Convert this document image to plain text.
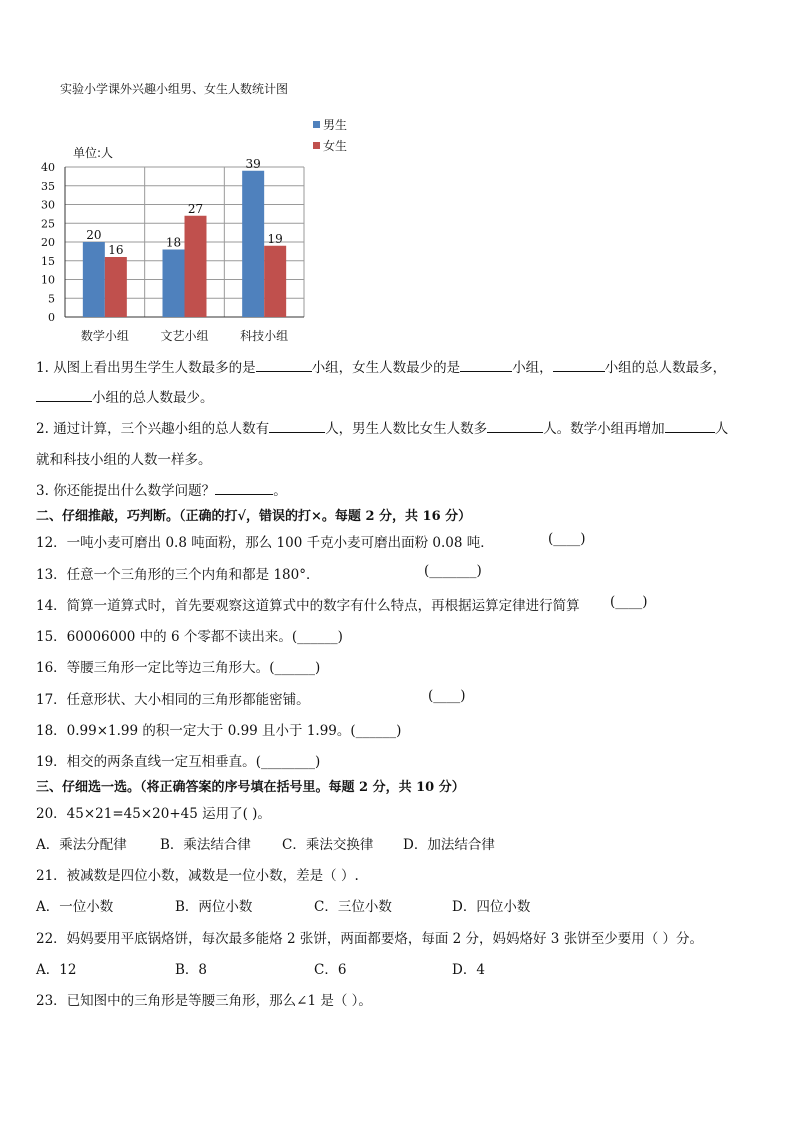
实验小学课外兴趣小组男、女生人数统计图
0
5
10
15
20
25
30
35
40
单位:人
20
16
数学小组
18
27
文艺小组
39
19
科技小组
男生
女生
1. 从图上看出男生学生人数最多的是	小组，女生人数最少的是	小组，	小组的总人数最多，
小组的总人数最少。
2. 通过计算，三个兴趣小组的总人数有	人，男生人数比女生人数多	人。数学小组再增加	人
就和科技小组的人数一样多。
3. 你还能提出什么数学问题？	。
二、仔细推敲，巧判断。（正确的打√，错误的打×。每题 2 分，共 16 分）
12．一吨小麦可磨出 0.8 吨面粉，那么 100 千克小麦可磨出面粉 0.08 吨．	(____)
13．任意一个三角形的三个内角和都是 180°．	(_______)
14．简算一道算式时，首先要观察这道算式中的数字有什么特点，再根据运算定律进行简算 (____)
15．60006000 中的 6 个零都不读出来。(______)
16．等腰三角形一定比等边三角形大。(______)
17．任意形状、大小相同的三角形都能密铺。	(____)
18．0.99×1.99 的积一定大于 0.99 且小于 1.99。(______)
19．相交的两条直线一定互相垂直。(________)
三、仔细选一选。（将正确答案的序号填在括号里。每题 2 分，共 10 分）
20．45×21=45×20+45 运用了( )。
A．乘法分配律 B．乘法结合律 C．乘法交换律 D．加法结合律
21．被减数是四位小数，减数是一位小数，差是（ ）.
A．一位小数	B．两位小数	C．三位小数	D．四位小数
22．妈妈要用平底锅烙饼，每次最多能烙 2 张饼，两面都要烙，每面 2 分，妈妈烙好 3 张饼至少要用（ ）分。
A．12	B．8	C．6	D．4
23．已知图中的三角形是等腰三角形，那么∠1 是（ ）。
